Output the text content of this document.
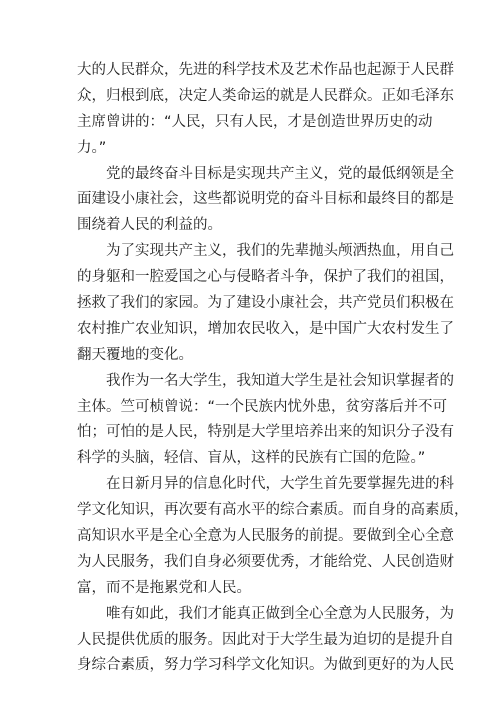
大的人民群众，先进的科学技术及艺术作品也起源于人民群
众，归根到底，决定人类命运的就是人民群众。正如毛泽东
主席曾讲的：“人民，只有人民，才是创造世界历史的动
力。”
　　党的最终奋斗目标是实现共产主义，党的最低纲领是全
面建设小康社会，这些都说明党的奋斗目标和最终目的都是
围绕着人民的利益的。
　　为了实现共产主义，我们的先辈抛头颅洒热血，用自己
的身躯和一腔爱国之心与侵略者斗争，保护了我们的祖国，
拯救了我们的家园。为了建设小康社会，共产党员们积极在
农村推广农业知识，增加农民收入，是中国广大农村发生了
翻天覆地的变化。
　　我作为一名大学生，我知道大学生是社会知识掌握者的
主体。竺可桢曾说：“一个民族内忧外患，贫穷落后并不可
怕；可怕的是人民，特别是大学里培养出来的知识分子没有
科学的头脑，轻信、盲从，这样的民族有亡国的危险。”
　　在日新月异的信息化时代，大学生首先要掌握先进的科
学文化知识，再次要有高水平的综合素质。而自身的高素质，
高知识水平是全心全意为人民服务的前提。要做到全心全意
为人民服务，我们自身必须要优秀，才能给党、人民创造财
富，而不是拖累党和人民。
　　唯有如此，我们才能真正做到全心全意为人民服务，为
人民提供优质的服务。因此对于大学生最为迫切的是提升自
身综合素质，努力学习科学文化知识。为做到更好的为人民
